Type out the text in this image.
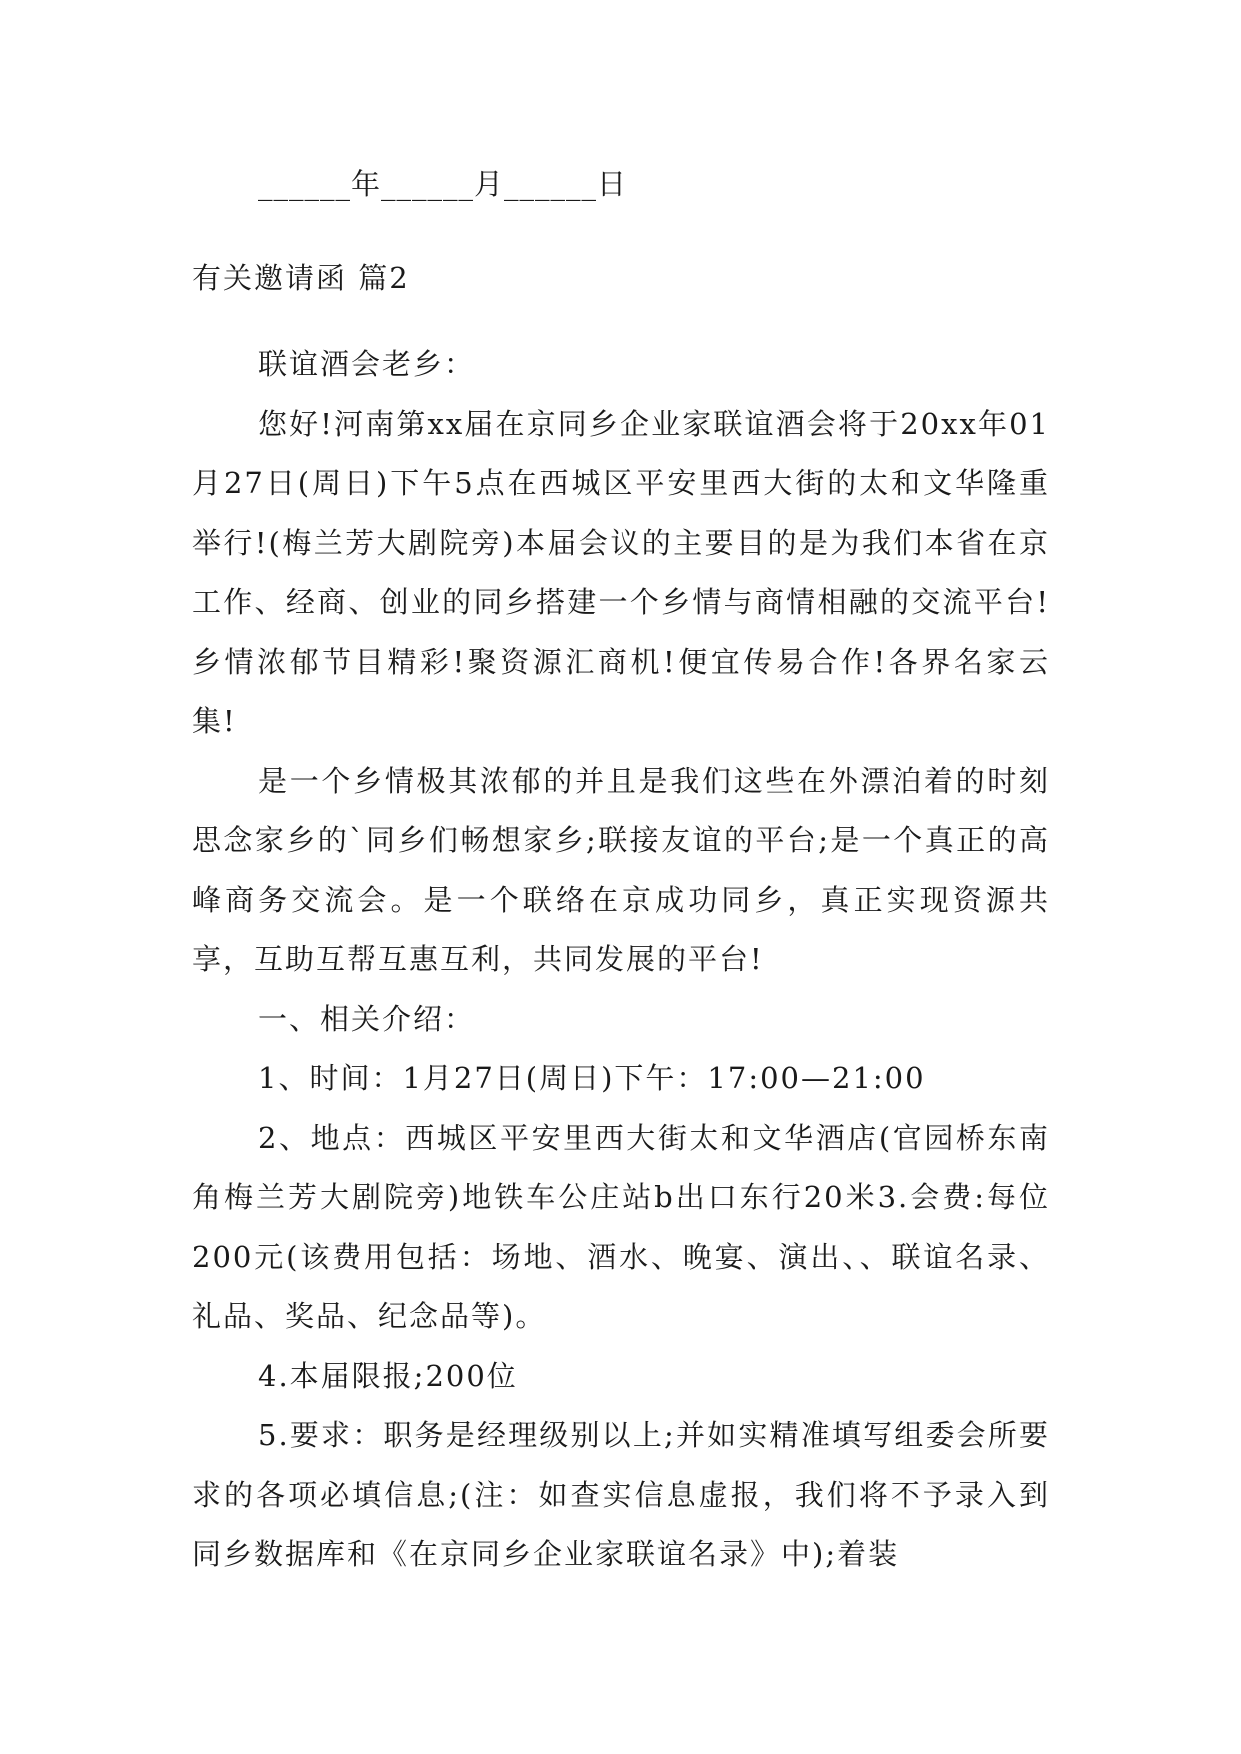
______年______月______日
有关邀请函 篇2

联谊酒会老乡：

您好!河南第xx届在京同乡企业家联谊酒会将于20xx年01月27日(周日)下午5点在西城区平安里西大街的太和文华隆重举行!(梅兰芳大剧院旁)本届会议的主要目的是为我们本省在京工作、经商、创业的同乡搭建一个乡情与商情相融的交流平台!乡情浓郁节目精彩!聚资源汇商机!便宜传易合作!各界名家云集!

是一个乡情极其浓郁的并且是我们这些在外漂泊着的时刻思念家乡的`同乡们畅想家乡;联接友谊的平台;是一个真正的高峰商务交流会。是一个联络在京成功同乡，真正实现资源共享，互助互帮互惠互利，共同发展的平台!

一、相关介绍：

1、时间：1月27日(周日)下午：17:00—21:00

2、地点：西城区平安里西大街太和文华酒店(官园桥东南角梅兰芳大剧院旁)地铁车公庄站b出口东行20米3.会费:每位200元(该费用包括：场地、酒水、晚宴、演出、、联谊名录、礼品、奖品、纪念品等)。

4.本届限报;200位

5.要求：职务是经理级别以上;并如实精准填写组委会所要求的各项必填信息;(注：如查实信息虚报，我们将不予录入到同乡数据库和《在京同乡企业家联谊名录》中);着装
